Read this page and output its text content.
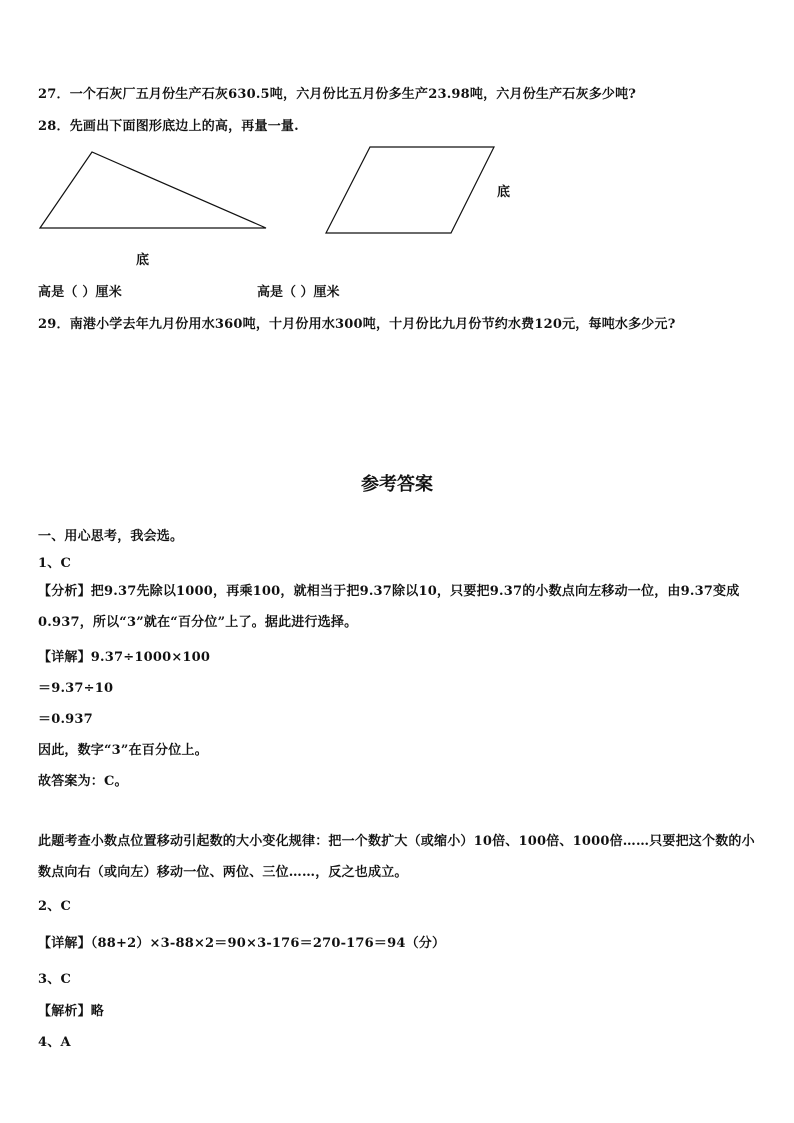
27．一个石灰厂五月份生产石灰630.5吨，六月份比五月份多生产23.98吨，六月份生产石灰多少吨?
28．先画出下面图形底边上的高，再量一量.
底
底
高是（ ）厘米	高是（ ）厘米
29．南港小学去年九月份用水360吨，十月份用水300吨，十月份比九月份节约水费120元，每吨水多少元?
参考答案
一、用心思考，我会选。
1、C
【分析】把9.37先除以1000，再乘100，就相当于把9.37除以10，只要把9.37的小数点向左移动一位，由9.37变成0.937，所以“3”就在“百分位”上了。据此进行选择。
【详解】9.37÷1000×100
＝9.37÷10
＝0.937
因此，数字“3”在百分位上。
故答案为：C。
此题考查小数点位置移动引起数的大小变化规律：把一个数扩大（或缩小）10倍、100倍、1000倍……只要把这个数的小数点向右（或向左）移动一位、两位、三位……，反之也成立。
2、C
【详解】（88+2）×3-88×2＝90×3-176＝270-176＝94（分）
3、C
【解析】略
4、A
